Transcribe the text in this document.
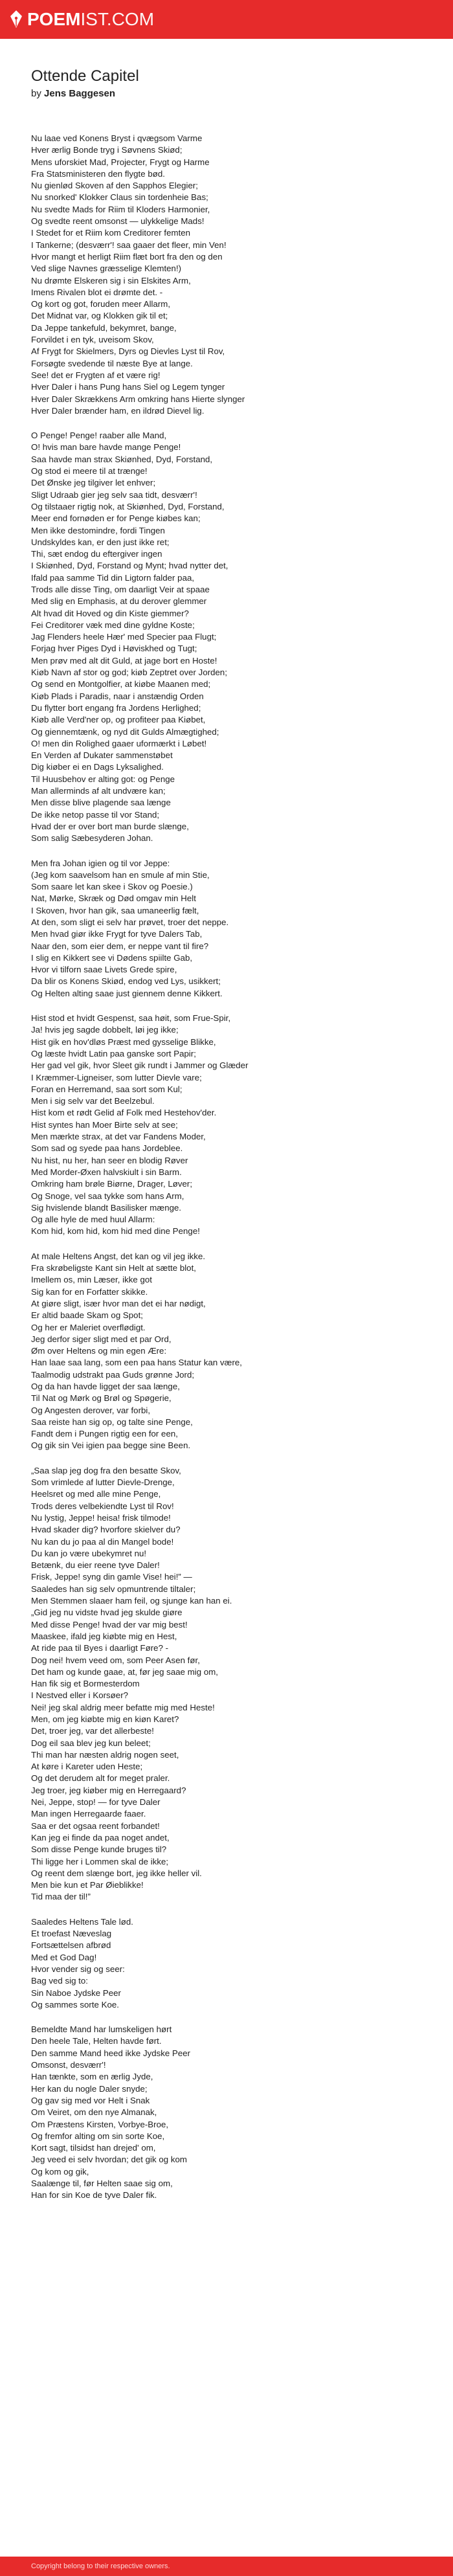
POEMIST.COM
Ottende Capitel
by Jens Baggesen
Nu laae ved Konens Bryst i qvægsom Varme
Hver ærlig Bonde tryg i Søvnens Skiød;
Mens uforskiet Mad, Projecter, Frygt og Harme
Fra Statsministeren den flygte bød.
Nu gienlød Skoven af den Sapphos Elegier;
Nu snorked' Klokker Claus sin tordenheie Bas;
Nu svedte Mads for Riim til Kloders Harmonier,
Og svedte reent omsonst — ulykkelige Mads!
I Stedet for et Riim kom Creditorer femten
I Tankerne; (desværr'! saa gaaer det fleer, min Ven!
Hvor mangt et herligt Riim flæt bort fra den og den
Ved slige Navnes græsselige Klemten!)
Nu drømte Elskeren sig i sin Elskites Arm,
Imens Rivalen blot ei drømte det. -
Og kort og got, foruden meer Allarm,
Det Midnat var, og Klokken gik til et;
Da Jeppe tankefuld, bekymret, bange,
Forvildet i en tyk, uveisom Skov,
Af Frygt for Skielmers, Dyrs og Dievles Lyst til Rov,
Forsøgte svedende til næste Bye at lange.
See! det er Frygten af et være rig!
Hver Daler i hans Pung hans Siel og Legem tynger
Hver Daler Skrækkens Arm omkring hans Hierte slynger
Hver Daler brænder ham, en ildrød Dievel lig.
O Penge! Penge! raaber alle Mand,
O! hvis man bare havde mange Penge!
Saa havde man strax Skiønhed, Dyd, Forstand,
Og stod ei meere til at trænge!
Det Ønske jeg tilgiver let enhver;
Sligt Udraab gier jeg selv saa tidt, desværr'!
Og tilstaaer rigtig nok, at Skiønhed, Dyd, Forstand,
Meer end fornøden er for Penge kiøbes kan;
Men ikke destomindre, fordi Tingen
Undskyldes kan, er den just ikke ret;
Thi, sæt endog du eftergiver ingen
I Skiønhed, Dyd, Forstand og Mynt; hvad nytter det,
Ifald paa samme Tid din Ligtorn falder paa,
Trods alle disse Ting, om daarligt Veir at spaae
Med slig en Emphasis, at du derover glemmer
Alt hvad dit Hoved og din Kiste giemmer?
Fei Creditorer væk med dine gyldne Koste;
Jag Flenders heele Hær' med Specier paa Flugt;
Forjag hver Piges Dyd i Høviskhed og Tugt;
Men prøv med alt dit Guld, at jage bort en Hoste!
Kiøb Navn af stor og god; kiøb Zeptret over Jorden;
Og send en Montgolfier, at kiøbe Maanen med;
Kiøb Plads i Paradis, naar i anstændig Orden
Du flytter bort engang fra Jordens Herlighed;
Kiøb alle Verd'ner op, og profiteer paa Kiøbet,
Og giennemtænk, og nyd dit Gulds Almægtighed;
O! men din Rolighed gaaer uformærkt i Løbet!
En Verden af Dukater sammenstøbet
Dig kiøber ei en Dags Lyksalighed.
Til Huusbehov er alting got: og Penge
Man allerminds af alt undvære kan;
Men disse blive plagende saa længe
De ikke netop passe til vor Stand;
Hvad der er over bort man burde slænge,
Som salig Sæbesyderen Johan.
Men fra Johan igien og til vor Jeppe:
(Jeg kom saavelsom han en smule af min Stie,
Som saare let kan skee i Skov og Poesie.)
Nat, Mørke, Skræk og Død omgav min Helt
I Skoven, hvor han gik, saa umaneerlig fælt,
At den, som sligt ei selv har prøvet, troer det neppe.
Men hvad giør ikke Frygt for tyve Dalers Tab,
Naar den, som eier dem, er neppe vant til fire?
I slig en Kikkert see vi Dødens spiilte Gab,
Hvor vi tilforn saae Livets Grede spire,
Da blir os Konens Skiød, endog ved Lys, usikkert;
Og Helten alting saae just giennem denne Kikkert.
Hist stod et hvidt Gespenst, saa høit, som Frue-Spir,
Ja! hvis jeg sagde dobbelt, løi jeg ikke;
Hist gik en hov'dløs Præst med gysselige Blikke,
Og læste hvidt Latin paa ganske sort Papir;
Her gad vel gik, hvor Sleet gik rundt i Jammer og Glæder
I Kræmmer-Ligneiser, som lutter Dievle vare;
Foran en Herremand, saa sort som Kul;
Men i sig selv var det Beelzebul.
Hist kom et rødt Gelid af Folk med Hestehov'der.
Hist syntes han Moer Birte selv at see;
Men mærkte strax, at det var Fandens Moder,
Som sad og syede paa hans Jordeblee.
Nu hist, nu her, han seer en blodig Røver
Med Morder-Øxen halvskiult i sin Barm.
Omkring ham brøle Biørne, Drager, Løver;
Og Snoge, vel saa tykke som hans Arm,
Sig hvislende blandt Basilisker mænge.
Og alle hyle de med huul Allarm:
Kom hid, kom hid, kom hid med dine Penge!
At male Heltens Angst, det kan og vil jeg ikke.
Fra skrøbeligste Kant sin Helt at sætte blot,
Imellem os, min Læser, ikke got
Sig kan for en Forfatter skikke.
At giøre sligt, især hvor man det ei har nødigt,
Er altid baade Skam og Spot;
Og her er Maleriet overflødigt.
Jeg derfor siger sligt med et par Ord,
Øm over Heltens og min egen Ære:
Han laae saa lang, som een paa hans Statur kan være,
Taalmodig udstrakt paa Guds grønne Jord;
Og da han havde ligget der saa længe,
Til Nat og Mørk og Brøl og Spøgerie,
Og Angesten derover, var forbi,
Saa reiste han sig op, og talte sine Penge,
Fandt dem i Pungen rigtig een for een,
Og gik sin Vei igien paa begge sine Been.
„Saa slap jeg dog fra den besatte Skov,
Som vrimlede af lutter Dievle-Drenge,
Heelsret og med alle mine Penge,
Trods deres velbekiendte Lyst til Rov!
Nu lystig, Jeppe! heisa! frisk tilmode!
Hvad skader dig? hvorfore skielver du?
Nu kan du jo paa al din Mangel bode!
Du kan jo være ubekymret nu!
Betænk, du eier reene tyve Daler!
Frisk, Jeppe! syng din gamle Vise! hei!” —
Saaledes han sig selv opmuntrende tiltaler;
Men Stemmen slaaer ham feil, og sjunge kan han ei.
„Gid jeg nu vidste hvad jeg skulde giøre
Med disse Penge! hvad der var mig best!
Maaskee, ifald jeg kiøbte mig en Hest,
At ride paa til Byes i daarligt Føre? -
Dog nei! hvem veed om, som Peer Asen før,
Det ham og kunde gaae, at, før jeg saae mig om,
Han fik sig et Bormesterdom
I Nestved eller i Korsøer?
Nei! jeg skal aldrig meer befatte mig med Heste!
Men, om jeg kiøbte mig en kiøn Karet?
Det, troer jeg, var det allerbeste!
Dog eil saa blev jeg kun beleet;
Thi man har næsten aldrig nogen seet,
At køre i Kareter uden Heste;
Og det derudem alt for meget praler.
Jeg troer, jeg kiøber mig en Herregaard?
Nei, Jeppe, stop! — for tyve Daler
Man ingen Herregaarde faaer.
Saa er det ogsaa reent forbandet!
Kan jeg ei finde da paa noget andet,
Som disse Penge kunde bruges til?
Thi ligge her i Lommen skal de ikke;
Og reent dem slænge bort, jeg ikke heller vil.
Men bie kun et Par Øieblikke!
Tid maa der til!”
Saaledes Heltens Tale lød.
Et troefast Næveslag
Fortsættelsen afbrød
Med et God Dag!
Hvor vender sig og seer:
Bag ved sig to:
Sin Naboe Jydske Peer
Og sammes sorte Koe.
Bemeldte Mand har lumskeligen hørt
Den heele Tale, Helten havde ført.
Den samme Mand heed ikke Jydske Peer
Omsonst, desværr'!
Han tænkte, som en ærlig Jyde,
Her kan du nogle Daler snyde;
Og gav sig med vor Helt i Snak
Om Veiret, om den nye Almanak,
Om Præstens Kirsten, Vorbye-Broe,
Og fremfor alting om sin sorte Koe,
Kort sagt, tilsidst han drejed' om,
Jeg veed ei selv hvordan; det gik og kom
Og kom og gik,
Saalænge til, før Helten saae sig om,
Han for sin Koe de tyve Daler fik.
Copyright belong to their respective owners.
